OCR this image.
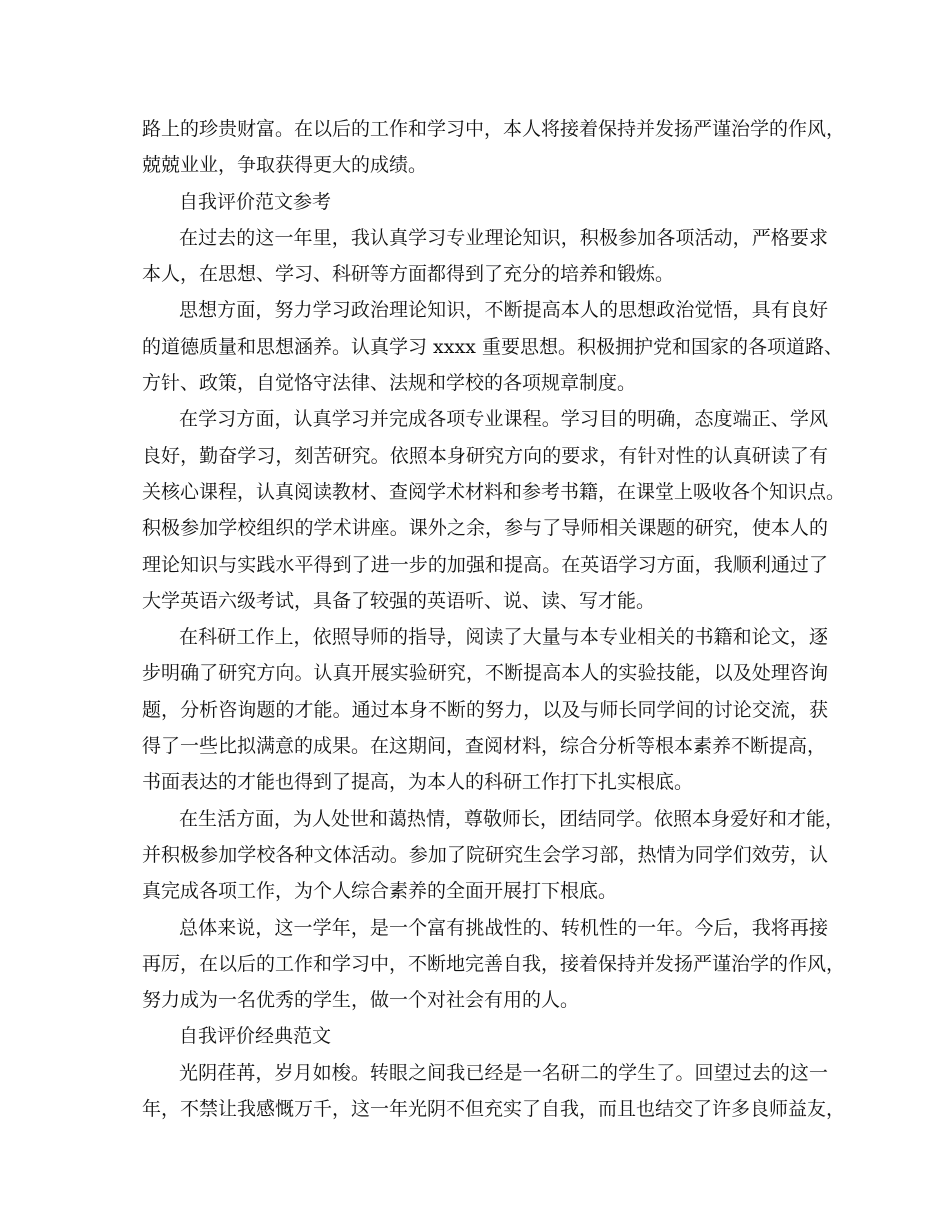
路上的珍贵财富。在以后的工作和学习中，本人将接着保持并发扬严谨治学的作风，
兢兢业业，争取获得更大的成绩。
自我评价范文参考
在过去的这一年里，我认真学习专业理论知识，积极参加各项活动，严格要求
本人，在思想、学习、科研等方面都得到了充分的培养和锻炼。
思想方面，努力学习政治理论知识，不断提高本人的思想政治觉悟，具有良好
的道德质量和思想涵养。认真学习 xxxx 重要思想。积极拥护党和国家的各项道路、
方针、政策，自觉恪守法律、法规和学校的各项规章制度。
在学习方面，认真学习并完成各项专业课程。学习目的明确，态度端正、学风
良好，勤奋学习，刻苦研究。依照本身研究方向的要求，有针对性的认真研读了有
关核心课程，认真阅读教材、查阅学术材料和参考书籍，在课堂上吸收各个知识点。
积极参加学校组织的学术讲座。课外之余，参与了导师相关课题的研究，使本人的
理论知识与实践水平得到了进一步的加强和提高。在英语学习方面，我顺利通过了
大学英语六级考试，具备了较强的英语听、说、读、写才能。
在科研工作上，依照导师的指导，阅读了大量与本专业相关的书籍和论文，逐
步明确了研究方向。认真开展实验研究，不断提高本人的实验技能，以及处理咨询
题，分析咨询题的才能。通过本身不断的努力，以及与师长同学间的讨论交流，获
得了一些比拟满意的成果。在这期间，查阅材料，综合分析等根本素养不断提高，
书面表达的才能也得到了提高，为本人的科研工作打下扎实根底。
在生活方面，为人处世和蔼热情，尊敬师长，团结同学。依照本身爱好和才能，
并积极参加学校各种文体活动。参加了院研究生会学习部，热情为同学们效劳，认
真完成各项工作，为个人综合素养的全面开展打下根底。
总体来说，这一学年，是一个富有挑战性的、转机性的一年。今后，我将再接
再厉，在以后的工作和学习中，不断地完善自我，接着保持并发扬严谨治学的作风，
努力成为一名优秀的学生，做一个对社会有用的人。
自我评价经典范文
光阴荏苒，岁月如梭。转眼之间我已经是一名研二的学生了。回望过去的这一
年，不禁让我感慨万千，这一年光阴不但充实了自我，而且也结交了许多良师益友，
